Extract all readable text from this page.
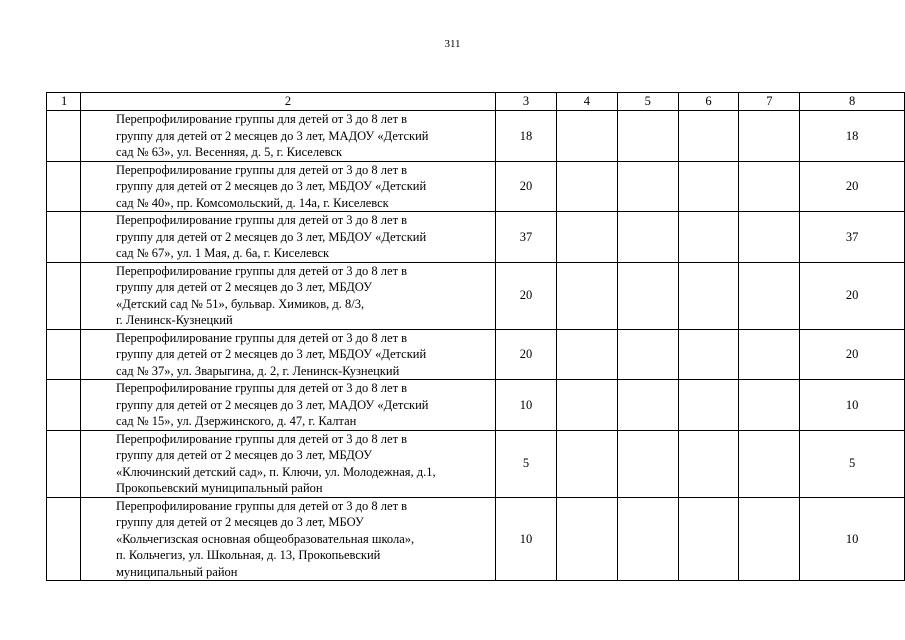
311
1	2	3	4	5	6	7	8
	Перепрофилирование группы для детей от 3 до 8 лет в
группу для детей от 2 месяцев до 3 лет, МАДОУ «Детский
сад № 63», ул. Весенняя, д. 5, г. Киселевск	18					18
	Перепрофилирование группы для детей от 3 до 8 лет в
группу для детей от 2 месяцев до 3 лет, МБДОУ «Детский
сад № 40», пр. Комсомольский, д. 14а, г. Киселевск	20					20
	Перепрофилирование группы для детей от 3 до 8 лет в
группу для детей от 2 месяцев до 3 лет, МБДОУ «Детский
сад № 67», ул. 1 Мая, д. 6а, г. Киселевск	37					37
	Перепрофилирование группы для детей от 3 до 8 лет в
группу для детей от 2 месяцев до 3 лет, МБДОУ
«Детский сад № 51», бульвар. Химиков, д. 8/3,
г. Ленинск-Кузнецкий	20					20
	Перепрофилирование группы для детей от 3 до 8 лет в
группу для детей от 2 месяцев до 3 лет, МБДОУ «Детский
сад № 37», ул. Зварыгина, д. 2, г. Ленинск-Кузнецкий	20					20
	Перепрофилирование группы для детей от 3 до 8 лет в
группу для детей от 2 месяцев до 3 лет, МАДОУ «Детский
сад № 15», ул. Дзержинского, д. 47, г. Калтан	10					10
	Перепрофилирование группы для детей от 3 до 8 лет в
группу для детей от 2 месяцев до 3 лет, МБДОУ
«Ключинский детский сад», п. Ключи, ул. Молодежная, д.1,
Прокопьевский муниципальный район	5					5
	Перепрофилирование группы для детей от 3 до 8 лет в
группу для детей от 2 месяцев до 3 лет, МБОУ
«Кольчегизская основная общеобразовательная школа»,
п. Кольчегиз, ул. Школьная, д. 13, Прокопьевский
муниципальный район	10					10
